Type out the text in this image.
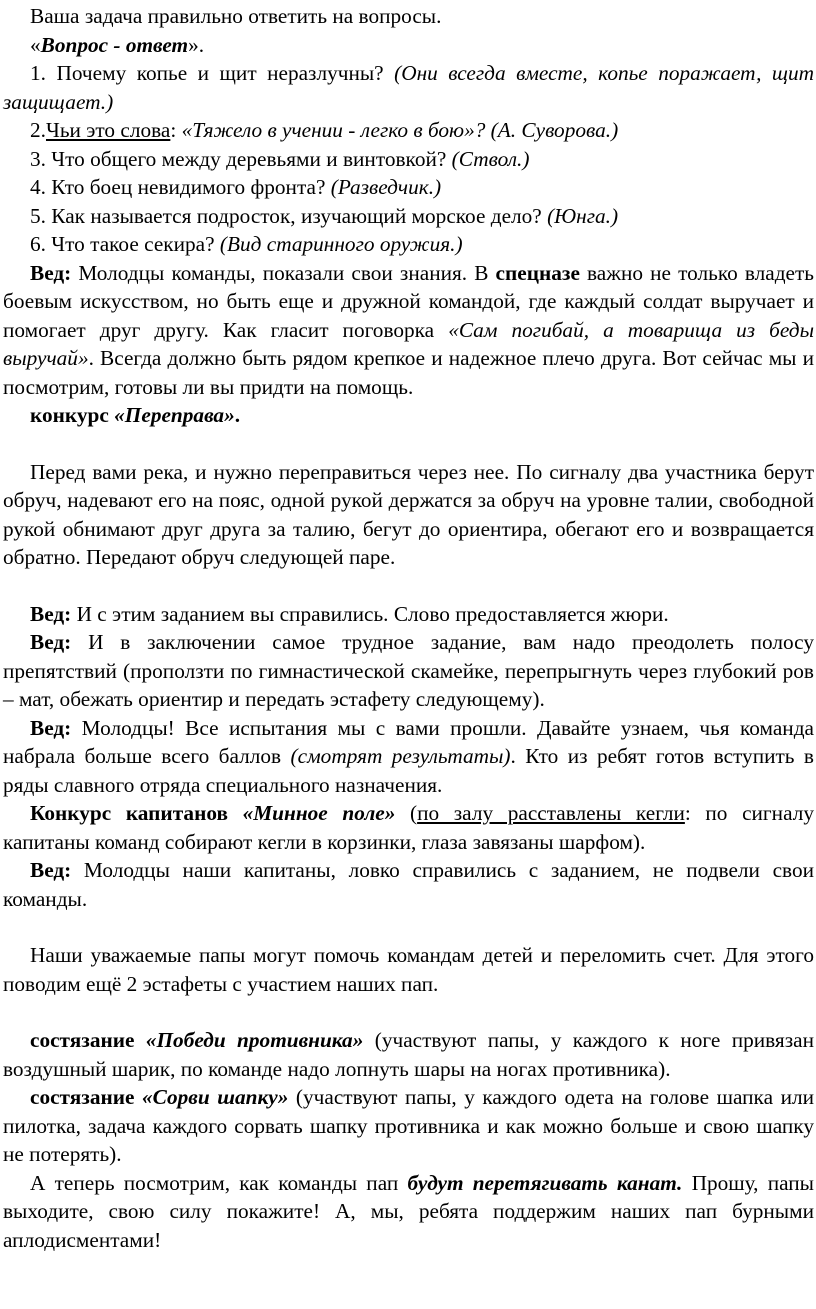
Ваша задача правильно ответить на вопросы.

«Вопрос - ответ».

1. Почему копье и щит неразлучны? (Они всегда вместе, копье поражает, щит защищает.)

2.Чьи это слова: «Тяжело в учении - легко в бою»? (А. Суворова.)

3. Что общего между деревьями и винтовкой? (Ствол.)

4. Кто боец невидимого фронта? (Разведчик.)

5. Как называется подросток, изучающий морское дело? (Юнга.)

6. Что такое секира? (Вид старинного оружия.)

Вед: Молодцы команды, показали свои знания. В спецназе важно не только владеть боевым искусством, но быть еще и дружной командой, где каждый солдат выручает и помогает друг другу. Как гласит поговорка «Сам погибай, а товарища из беды выручай». Всегда должно быть рядом крепкое и надежное плечо друга. Вот сейчас мы и посмотрим, готовы ли вы придти на помощь.

конкурс «Переправа».

Перед вами река, и нужно переправиться через нее. По сигналу два участника берут обруч, надевают его на пояс, одной рукой держатся за обруч на уровне талии, свободной рукой обнимают друг друга за талию, бегут до ориентира, обегают его и возвращается обратно. Передают обруч следующей паре.

Вед: И с этим заданием вы справились. Слово предоставляется жюри.

Вед: И в заключении самое трудное задание, вам надо преодолеть полосу препятствий (проползти по гимнастической скамейке, перепрыгнуть через глубокий ров – мат, обежать ориентир и передать эстафету следующему).

Вед: Молодцы! Все испытания мы с вами прошли. Давайте узнаем, чья команда набрала больше всего баллов (смотрят результаты). Кто из ребят готов вступить в ряды славного отряда специального назначения.

Конкурс капитанов «Минное поле» (по залу расставлены кегли: по сигналу капитаны команд собирают кегли в корзинки, глаза завязаны шарфом).

Вед: Молодцы наши капитаны, ловко справились с заданием, не подвели свои команды.

Наши уважаемые папы могут помочь командам детей и переломить счет. Для этого поводим ещё 2 эстафеты с участием наших пап.

состязание «Победи противника» (участвуют папы, у каждого к ноге привязан воздушный шарик, по команде надо лопнуть шары на ногах противника).

состязание «Сорви шапку» (участвуют папы, у каждого одета на голове шапка или пилотка, задача каждого сорвать шапку противника и как можно больше и свою шапку не потерять).

А теперь посмотрим, как команды пап будут перетягивать канат. Прошу, папы выходите, свою силу покажите! А, мы, ребята поддержим наших пап бурными аплодисментами!
